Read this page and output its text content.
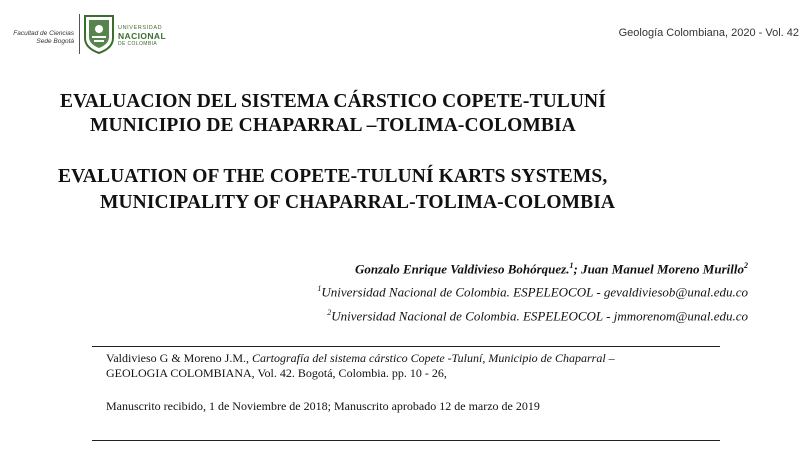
Facultad de Ciencias
Sede Bogotá
UNIVERSIDAD
NACIONAL
DE COLOMBIA
Geología Colombiana, 2020 - Vol. 42
EVALUACION DEL SISTEMA CÁRSTICO COPETE-TULUNÍ
MUNICIPIO DE CHAPARRAL –TOLIMA-COLOMBIA
EVALUATION OF THE COPETE-TULUNÍ KARTS SYSTEMS,
MUNICIPALITY OF CHAPARRAL-TOLIMA-COLOMBIA
Gonzalo Enrique Valdivieso Bohórquez.$^1$; Juan Manuel Moreno Murillo$^2$
$^1$Universidad Nacional de Colombia. ESPELEOCOL - gevaldiviesob@unal.edu.co
$^2$Universidad Nacional de Colombia. ESPELEOCOL - jmmorenom@unal.edu.co
Valdivieso G & Moreno J.M., Cartografía del sistema cárstico Copete -Tuluní, Municipio de Chaparral –
GEOLOGIA COLOMBIANA, Vol. 42. Bogotá, Colombia. pp. 10 - 26,
Manuscrito recibido, 1 de Noviembre de 2018; Manuscrito aprobado 12 de marzo de 2019
